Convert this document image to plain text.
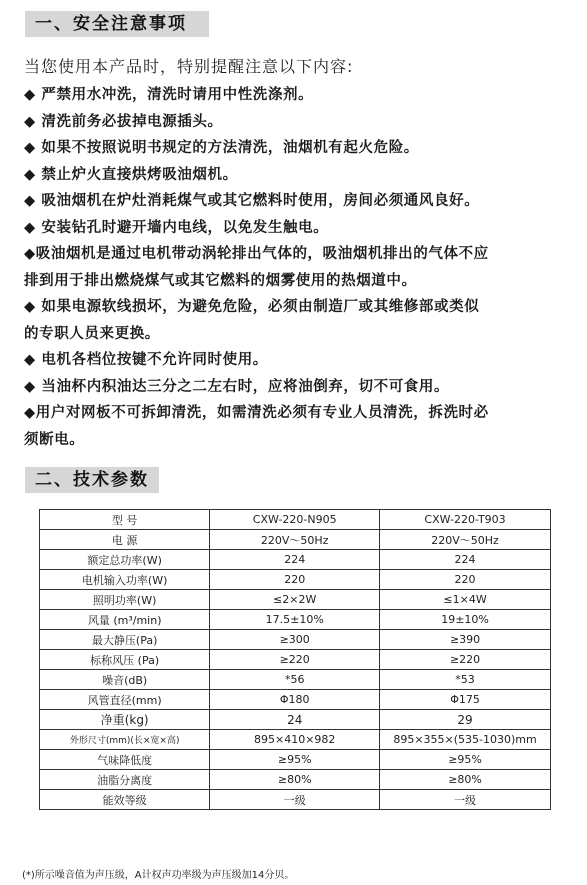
一、安全注意事项
当您使用本产品时，特别提醒注意以下内容:
◆ 严禁用水冲洗，清洗时请用中性洗涤剂。
◆ 清洗前务必拔掉电源插头。
◆ 如果不按照说明书规定的方法清洗，油烟机有起火危险。
◆ 禁止炉火直接烘烤吸油烟机。
◆ 吸油烟机在炉灶消耗煤气或其它燃料时使用，房间必须通风良好。
◆ 安装钻孔时避开墙内电线，以免发生触电。
◆吸油烟机是通过电机带动涡轮排出气体的，吸油烟机排出的气体不应
排到用于排出燃烧煤气或其它燃料的烟雾使用的热烟道中。
◆ 如果电源软线损坏，为避免危险，必须由制造厂或其维修部或类似
的专职人员来更换。
◆ 电机各档位按键不允许同时使用。
◆ 当油杯内积油达三分之二左右时，应将油倒弃，切不可食用。
◆用户对网板不可拆卸清洗，如需清洗必须有专业人员清洗，拆洗时必
须断电。
二、技术参数
型 号	CXW-220-N905	CXW-220-T903
电 源	220V～50Hz	220V～50Hz
额定总功率(W)	224	224
电机输入功率(W)	220	220
照明功率(W)	≤2×2W	≤1×4W
风量 (m³/min)	17.5±10%	19±10%
最大静压(Pa)	≥300	≥390
标称风压 (Pa)	≥220	≥220
噪音(dB)	*56	*53
风管直径(mm)	Φ180	Φ175
净重(kg)	24	29
外形尺寸(mm)(长×宽×高)	895×410×982	895×355×(535-1030)mm
气味降低度	≥95%	≥95%
油脂分离度	≥80%	≥80%
能效等级	一级	一级
(*)所示噪音值为声压级，A计权声功率级为声压级加14分贝。
